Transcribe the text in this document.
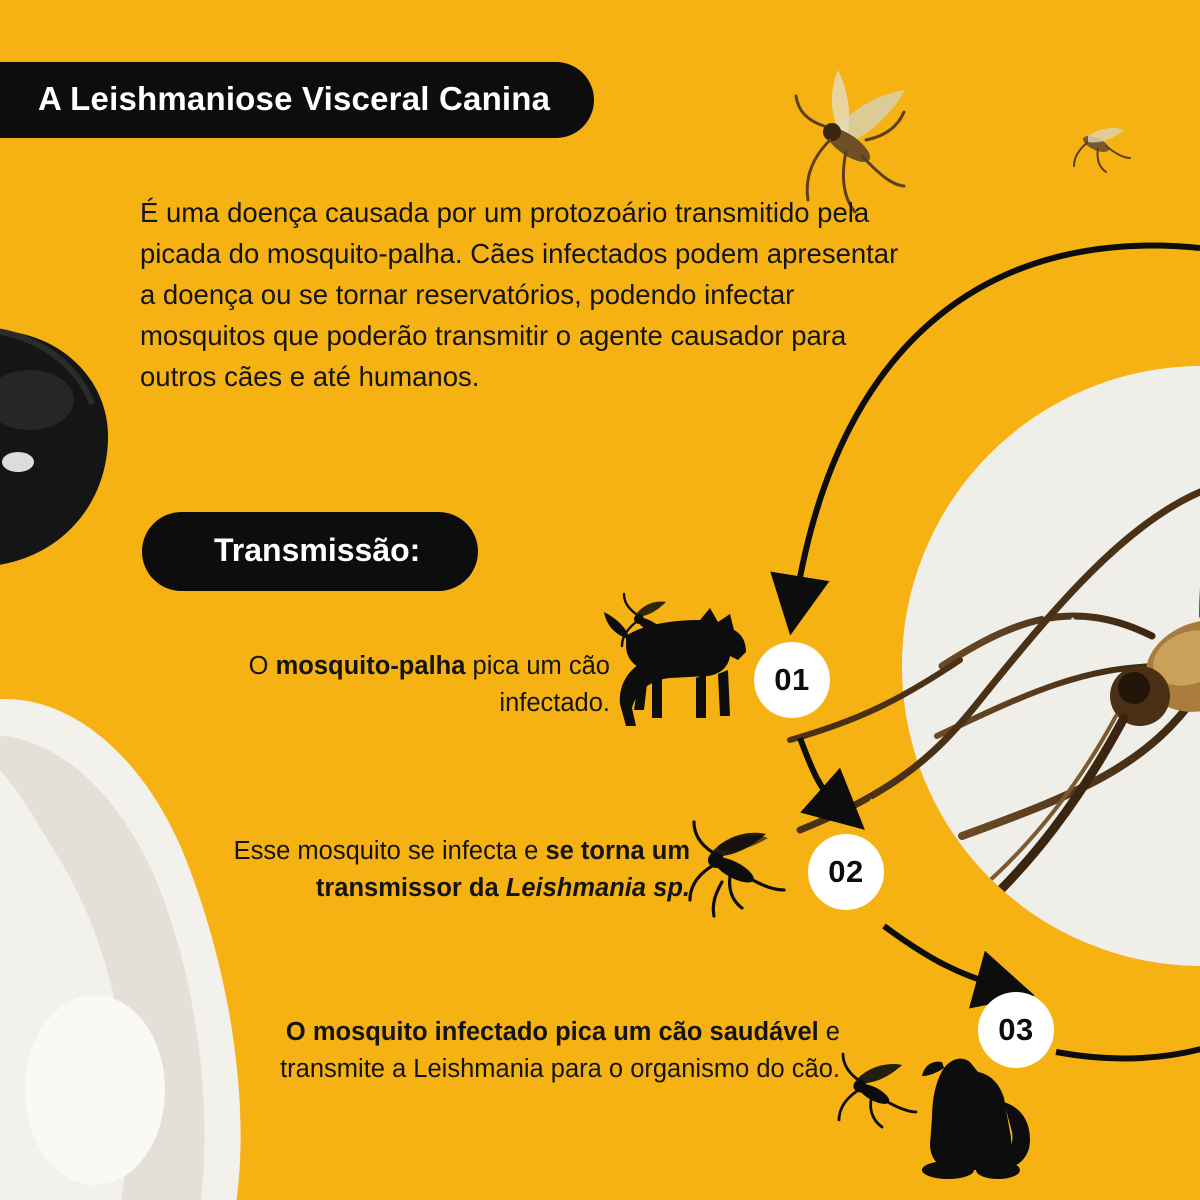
A Leishmaniose Visceral Canina
É uma doença causada por um protozoário transmitido pela picada do mosquito-palha. Cães infectados podem apresentar a doença ou se tornar reservatórios, podendo infectar mosquitos que poderão transmitir o agente causador para outros cães e até humanos.
Transmissão:
O mosquito-palha pica um cão infectado.
Esse mosquito se infecta e se torna um transmissor da Leishmania sp.
O mosquito infectado pica um cão saudável e transmite a Leishmania para o organismo do cão.
01
02
03
